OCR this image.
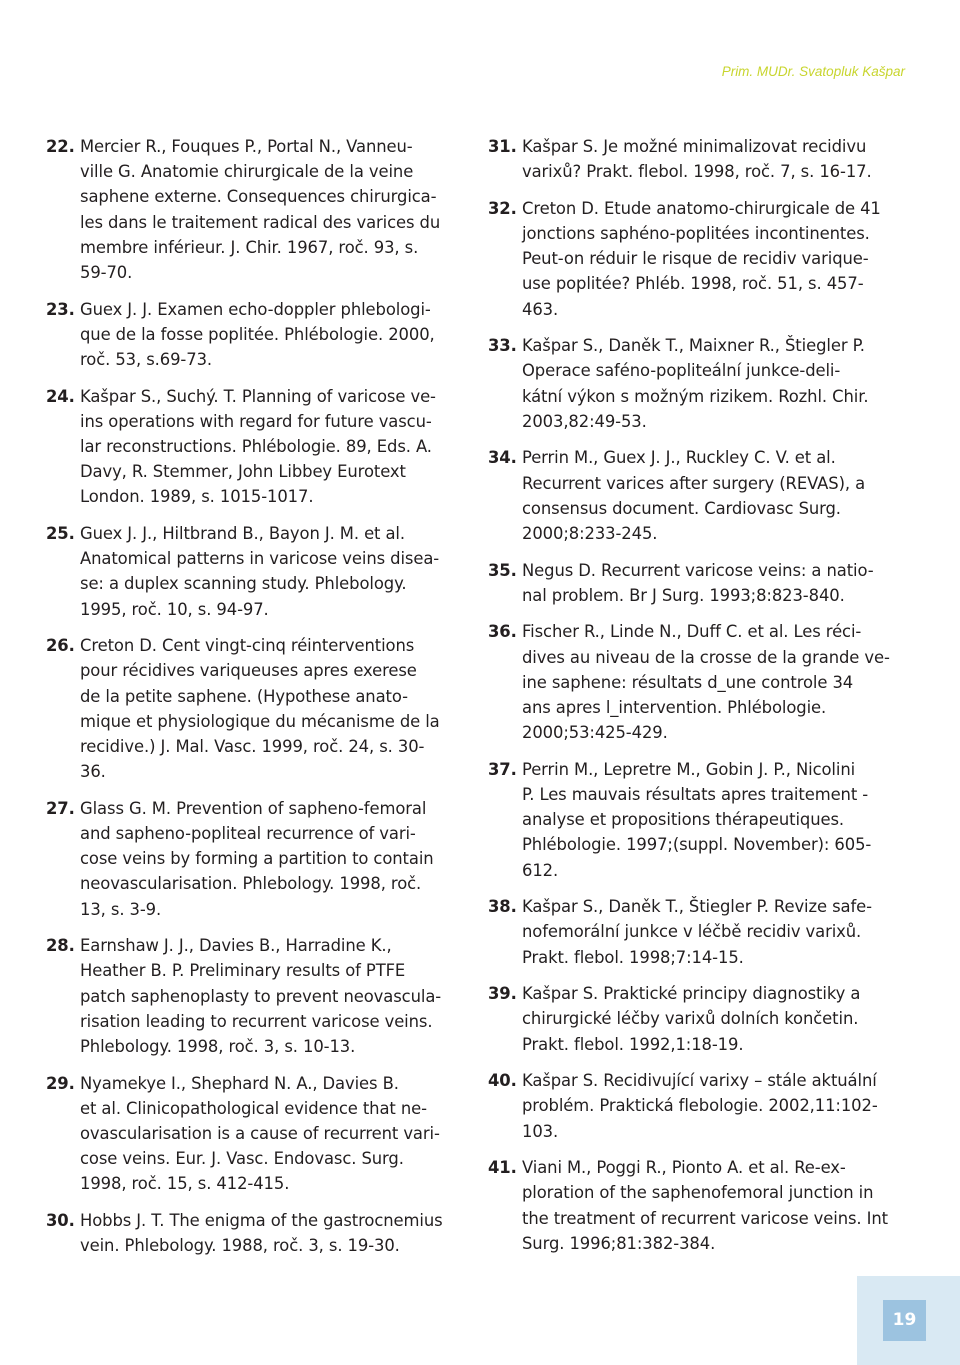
Prim. MUDr. Svatopluk Kašpar
22. Mercier R., Fouques P., Portal N., Vanneu-
ville G. Anatomie chirurgicale de la veine
saphene externe. Consequences chirurgica-
les dans le traitement radical des varices du
membre inférieur. J. Chir. 1967, roč. 93, s.
59-70.
23. Guex J. J. Examen echo-doppler phlebologi-
que de la fosse poplitée. Phlébologie. 2000,
roč. 53, s.69-73.
24. Kašpar S., Suchý. T. Planning of varicose ve-
ins operations with regard for future vascu-
lar reconstructions. Phlébologie. 89, Eds. A.
Davy, R. Stemmer, John Libbey Eurotext
London. 1989, s. 1015-1017.
25. Guex J. J., Hiltbrand B., Bayon J. M. et al.
Anatomical patterns in varicose veins disea-
se: a duplex scanning study. Phlebology.
1995, roč. 10, s. 94-97.
26. Creton D. Cent vingt-cinq réinterventions
pour récidives variqueuses apres exerese
de la petite saphene. (Hypothese anato-
mique et physiologique du mécanisme de la
recidive.) J. Mal. Vasc. 1999, roč. 24, s. 30-
36.
27. Glass G. M. Prevention of sapheno-femoral
and sapheno-popliteal recurrence of vari-
cose veins by forming a partition to contain
neovascularisation. Phlebology. 1998, roč.
13, s. 3-9.
28. Earnshaw J. J., Davies B., Harradine K.,
Heather B. P. Preliminary results of PTFE
patch saphenoplasty to prevent neovascula-
risation leading to recurrent varicose veins.
Phlebology. 1998, roč. 3, s. 10-13.
29. Nyamekye I., Shephard N. A., Davies B.
et al. Clinicopathological evidence that ne-
ovascularisation is a cause of recurrent vari-
cose veins. Eur. J. Vasc. Endovasc. Surg.
1998, roč. 15, s. 412-415.
30. Hobbs J. T. The enigma of the gastrocnemius
vein. Phlebology. 1988, roč. 3, s. 19-30.
31. Kašpar S. Je možné minimalizovat recidivu
varixů? Prakt. flebol. 1998, roč. 7, s. 16-17.
32. Creton D. Etude anatomo-chirurgicale de 41
jonctions saphéno-poplitées incontinentes.
Peut-on réduir le risque de recidiv varique-
use poplitée? Phléb. 1998, roč. 51, s. 457-
463.
33. Kašpar S., Daněk T., Maixner R., Štiegler P.
Operace saféno-popliteální junkce-deli-
kátní výkon s možným rizikem. Rozhl. Chir.
2003,82:49-53.
34. Perrin M., Guex J. J., Ruckley C. V. et al.
Recurrent varices after surgery (REVAS), a
consensus document. Cardiovasc Surg.
2000;8:233-245.
35. Negus D. Recurrent varicose veins: a natio-
nal problem. Br J Surg. 1993;8:823-840.
36. Fischer R., Linde N., Duff C. et al. Les réci-
dives au niveau de la crosse de la grande ve-
ine saphene: résultats d_une controle 34
ans apres l_intervention. Phlébologie.
2000;53:425-429.
37. Perrin M., Lepretre M., Gobin J. P., Nicolini
P. Les mauvais résultats apres traitement -
analyse et propositions thérapeutiques.
Phlébologie. 1997;(suppl. November): 605-
612.
38. Kašpar S., Daněk T., Štiegler P. Revize safe-
nofemorální junkce v léčbě recidiv varixů.
Prakt. flebol. 1998;7:14-15.
39. Kašpar S. Praktické principy diagnostiky a
chirurgické léčby varixů dolních končetin.
Prakt. flebol. 1992,1:18-19.
40. Kašpar S. Recidivující varixy – stále aktuální
problém. Praktická flebologie. 2002,11:102-
103.
41. Viani M., Poggi R., Pionto A. et al. Re-ex-
ploration of the saphenofemoral junction in
the treatment of recurrent varicose veins. Int
Surg. 1996;81:382-384.
19
